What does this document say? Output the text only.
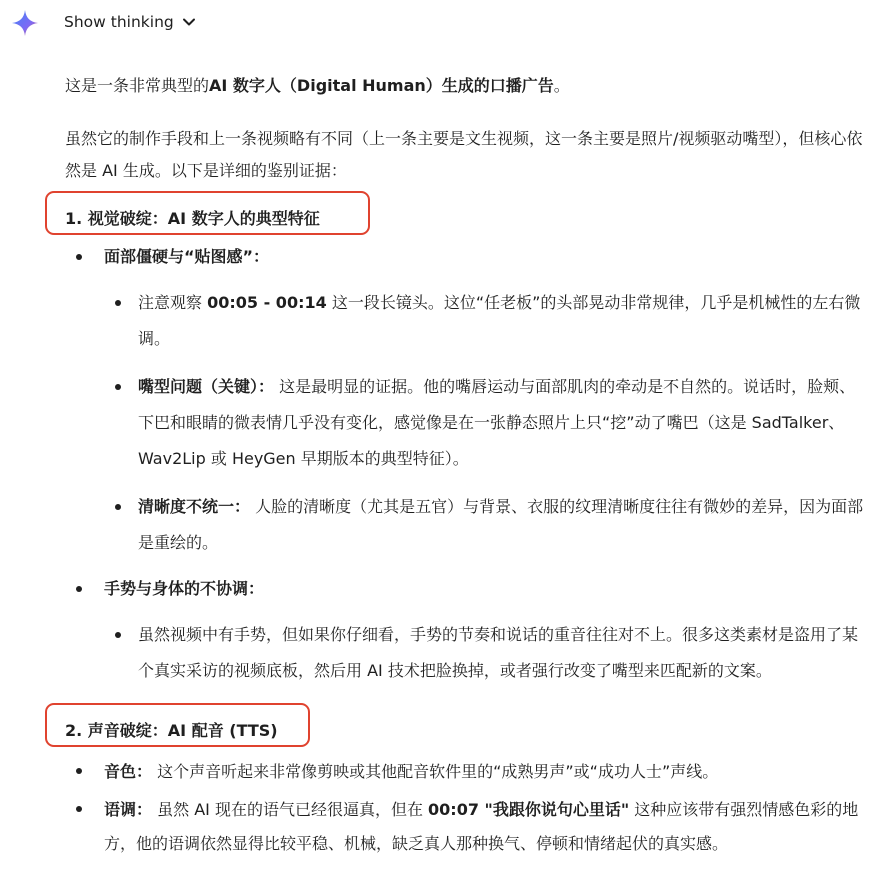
Show thinking

这是一条非常典型的AI 数字人（Digital Human）生成的口播广告。

虽然它的制作手段和上一条视频略有不同（上一条主要是文生视频，这一条主要是照片/视频驱动嘴型），但核心依然是 AI 生成。以下是详细的鉴别证据：

1. 视觉破绽：AI 数字人的典型特征
面部僵硬与“贴图感”：
注意观察 00:05 - 00:14 这一段长镜头。这位“任老板”的头部晃动非常规律，几乎是机械性的左右微调。
嘴型问题（关键）： 这是最明显的证据。他的嘴唇运动与面部肌肉的牵动是不自然的。说话时，脸颊、下巴和眼睛的微表情几乎没有变化，感觉像是在一张静态照片上只“挖”动了嘴巴（这是 SadTalker、Wav2Lip 或 HeyGen 早期版本的典型特征）。
清晰度不统一： 人脸的清晰度（尤其是五官）与背景、衣服的纹理清晰度往往有微妙的差异，因为面部是重绘的。
手势与身体的不协调：
虽然视频中有手势，但如果你仔细看，手势的节奏和说话的重音往往对不上。很多这类素材是盗用了某个真实采访的视频底板，然后用 AI 技术把脸换掉，或者强行改变了嘴型来匹配新的文案。
2. 声音破绽：AI 配音 (TTS)
音色： 这个声音听起来非常像剪映或其他配音软件里的“成熟男声”或“成功人士”声线。
语调： 虽然 AI 现在的语气已经很逼真，但在 00:07 "我跟你说句心里话" 这种应该带有强烈情感色彩的地方，他的语调依然显得比较平稳、机械，缺乏真人那种换气、停顿和情绪起伏的真实感。
